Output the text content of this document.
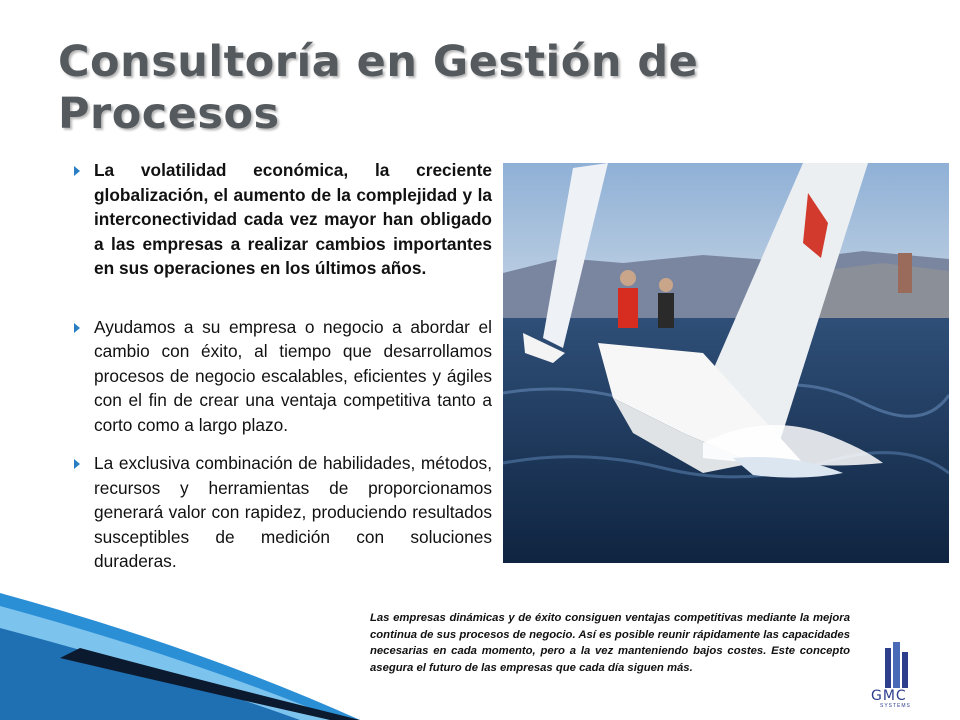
Consultoría en Gestión de Procesos
La volatilidad económica, la creciente globalización, el aumento de la complejidad y la interconectividad cada vez mayor han obligado a las empresas a realizar cambios importantes en sus operaciones en los últimos años.
Ayudamos a su empresa o negocio a abordar el cambio con éxito, al tiempo que desarrollamos procesos de negocio escalables, eficientes y ágiles con el fin de crear una ventaja competitiva tanto a corto como a largo plazo.
La exclusiva combinación de habilidades, métodos, recursos y herramientas de proporcionamos generará valor con rapidez, produciendo resultados susceptibles de medición con soluciones duraderas.

Las empresas dinámicas y de éxito consiguen ventajas competitivas mediante la mejora continua de sus procesos de negocio. Así es posible reunir rápidamente las capacidades necesarias en cada momento, pero a la vez manteniendo bajos costes. Este concepto asegura el futuro de las empresas que cada día siguen más.

GMC
SYSTEMS
